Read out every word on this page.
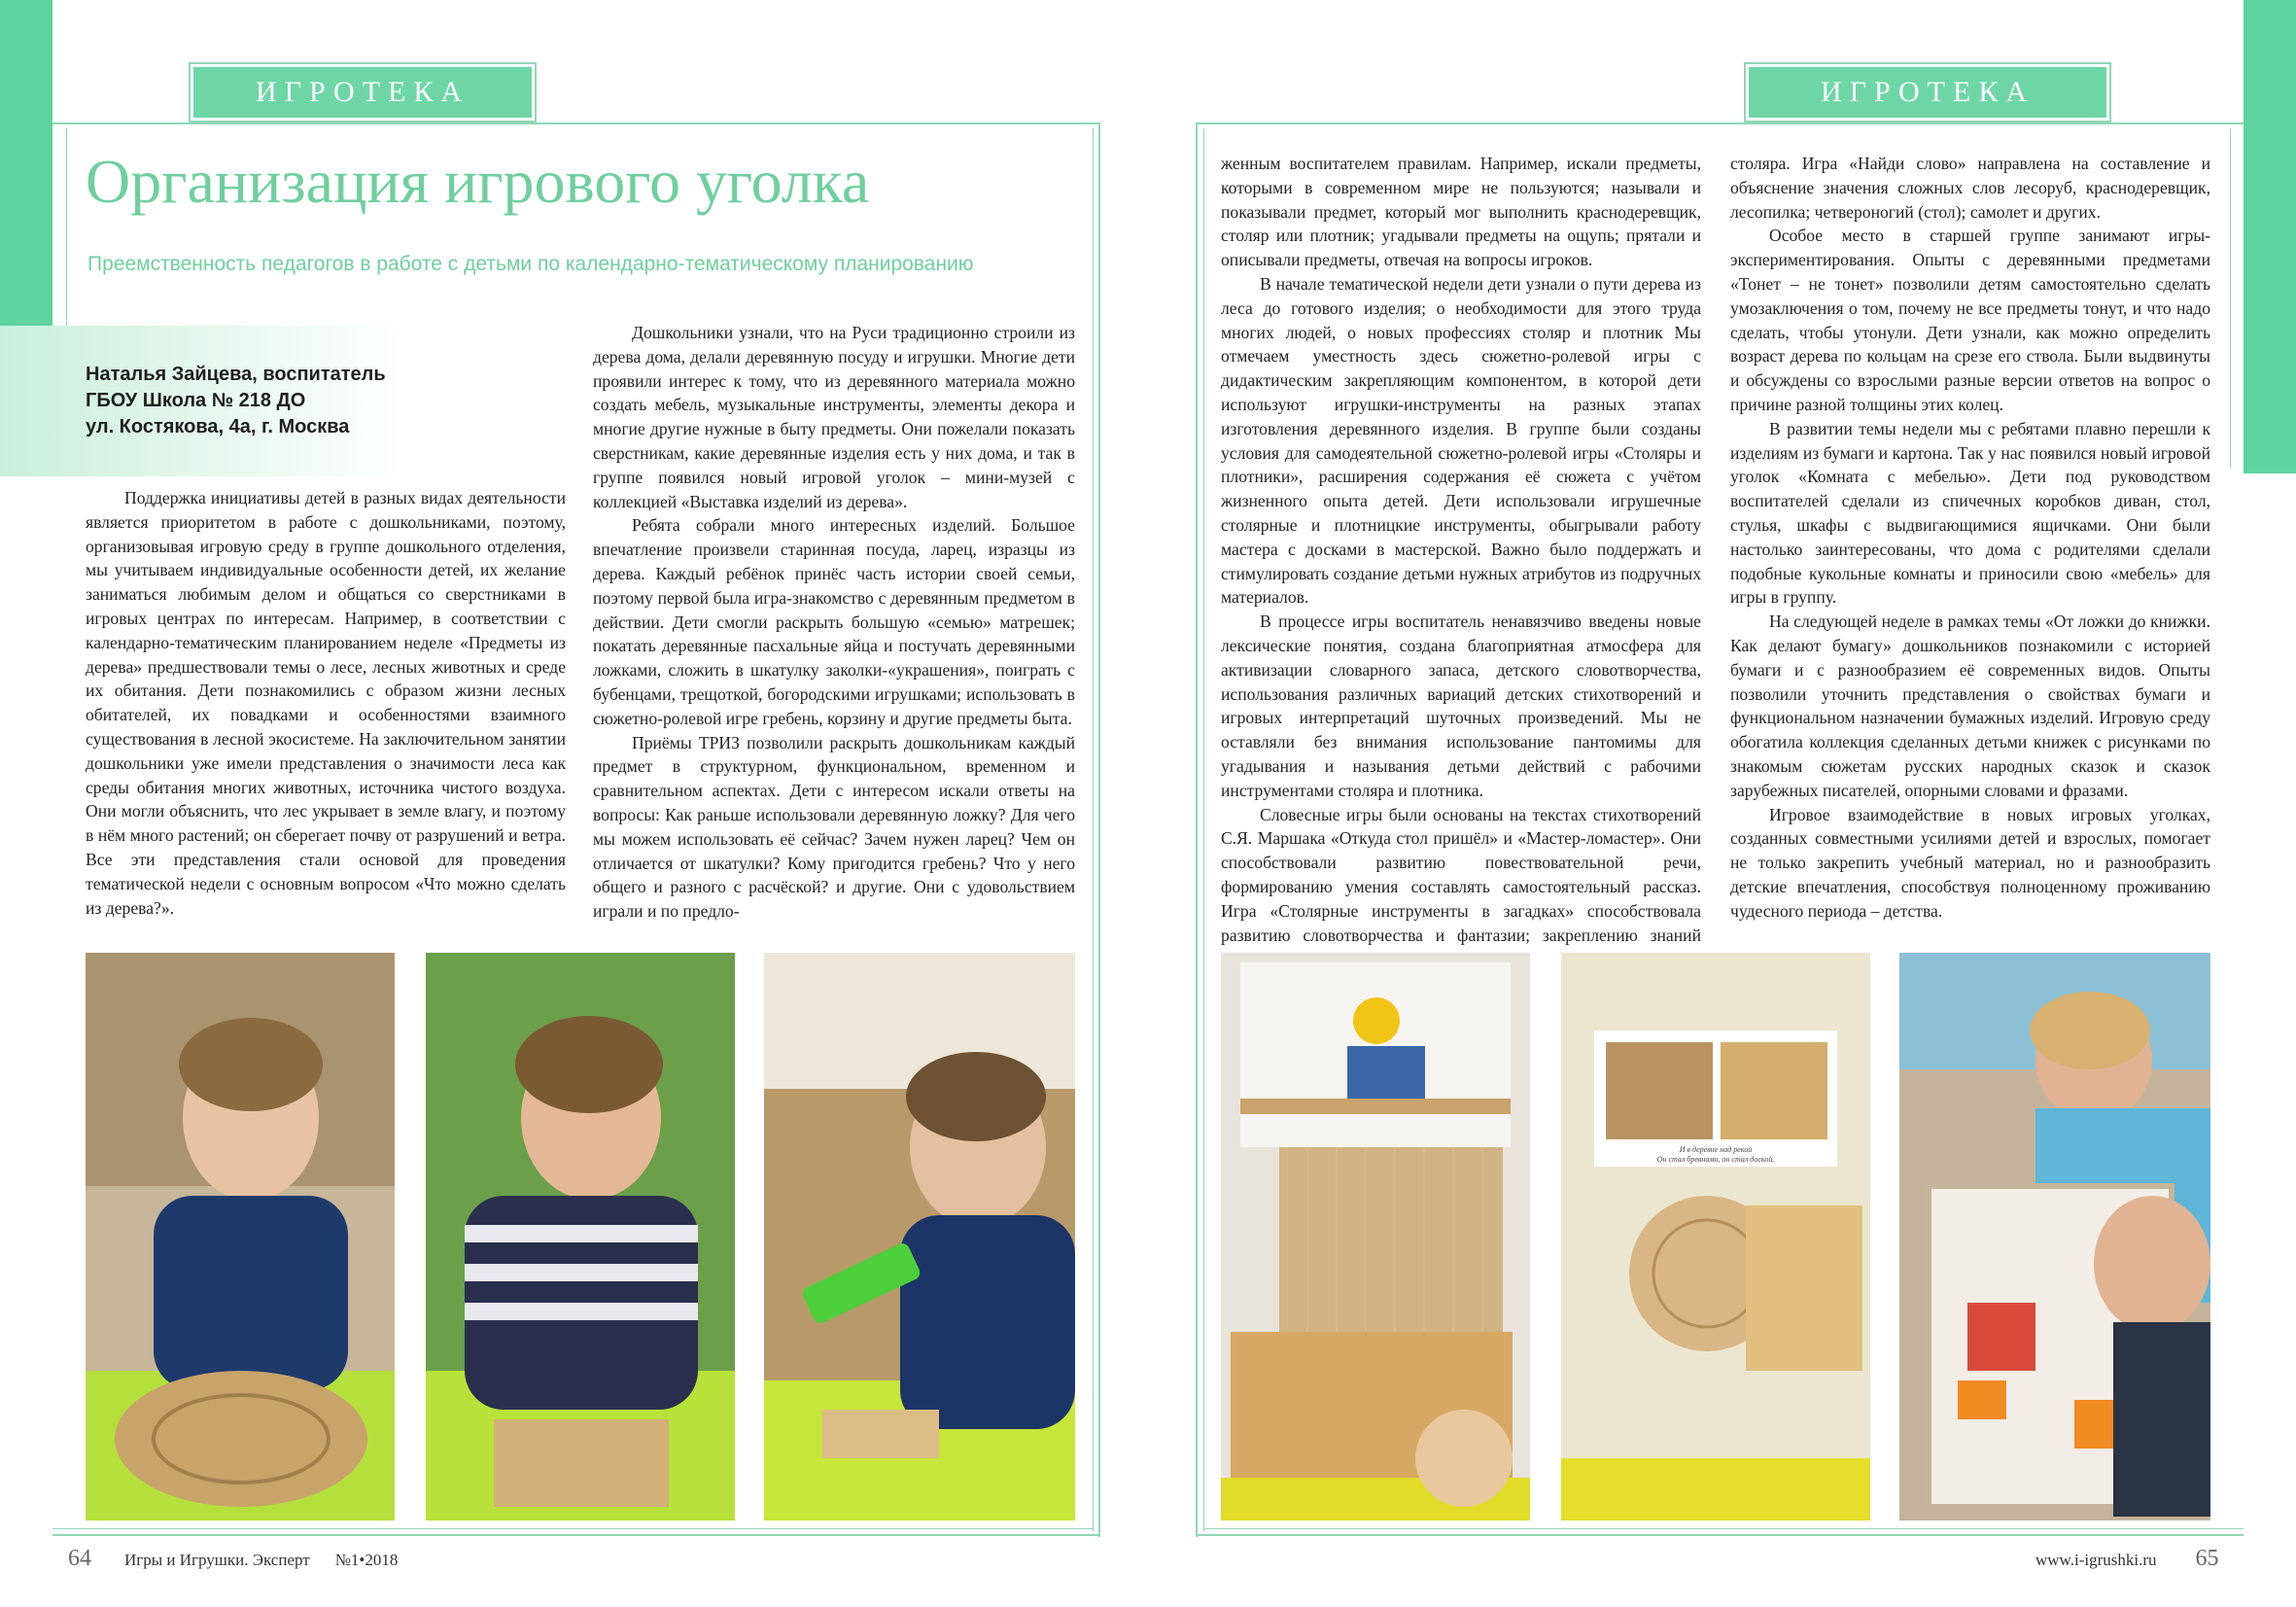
ИГРОТЕКА	ИГРОТЕКА
Организация игрового уголка
Преемственность педагогов в работе с детьми по календарно-тематическому планированию
Наталья Зайцева, воспитатель
ГБОУ Школа № 218 ДО
ул. Костякова, 4а, г. Москва

Поддержка инициативы детей в разных видах деятельности является приоритетом в работе с дошкольниками, поэтому, организовывая игровую среду в группе дошкольного отделения, мы учитываем индивидуальные особенности детей, их желание заниматься любимым делом и общаться со сверстниками в игровых центрах по интересам. Например, в соответствии с календарно-тематическим планированием неделе «Предметы из дерева» предшествовали темы о лесе, лесных животных и среде их обитания. Дети познакомились с образом жизни лесных обитателей, их повадками и особенностями взаимного существования в лесной экосистеме. На заключительном занятии дошкольники уже имели представления о значимости леса как среды обитания многих животных, источника чистого воздуха. Они могли объяснить, что лес укрывает в земле влагу, и поэтому в нём много растений; он сберегает почву от разрушений и ветра. Все эти представления стали основой для проведения тематической недели с основным вопросом «Что можно сделать из дерева?».

Дошкольники узнали, что на Руси традиционно строили из дерева дома, делали деревянную посуду и игрушки. Многие дети проявили интерес к тому, что из деревянного материала можно создать мебель, музыкальные инструменты, элементы декора и многие другие нужные в быту предметы. Они пожелали показать сверстникам, какие деревянные изделия есть у них дома, и так в группе появился новый игровой уголок – мини-музей с коллекцией «Выставка изделий из дерева».

Ребята собрали много интересных изделий. Большое впечатление произвели старинная посуда, ларец, изразцы из дерева. Каждый ребёнок принёс часть истории своей семьи, поэтому первой была игра-знакомство с деревянным предметом в действии. Дети смогли раскрыть большую «семью» матрешек; покатать деревянные пасхальные яйца и постучать деревянными ложками, сложить в шкатулку заколки-«украшения», поиграть с бубенцами, трещоткой, богородскими игрушками; использовать в сюжетно-ролевой игре гребень, корзину и другие предметы быта.

Приёмы ТРИЗ позволили раскрыть дошкольникам каждый предмет в структурном, функциональном, временном и сравнительном аспектах. Дети с интересом искали ответы на вопросы: Как раньше использовали деревянную ложку? Для чего мы можем использовать её сейчас? Зачем нужен ларец? Чем он отличается от шкатулки? Кому пригодится гребень? Что у него общего и разного с расчёской? и другие. Они с удовольствием играли и по предло-

женным воспитателем правилам. Например, искали предметы, которыми в современном мире не пользуются; называли и показывали предмет, который мог выполнить краснодеревщик, столяр или плотник; угадывали предметы на ощупь; прятали и описывали предметы, отвечая на вопросы игроков.

В начале тематической недели дети узнали о пути дерева из леса до готового изделия; о необходимости для этого труда многих людей, о новых профессиях столяр и плотник Мы отмечаем уместность здесь сюжетно-ролевой игры с дидактическим закрепляющим компонентом, в которой дети используют игрушки-инструменты на разных этапах изготовления деревянного изделия. В группе были созданы условия для самодеятельной сюжетно-ролевой игры «Столяры и плотники», расширения содержания её сюжета с учётом жизненного опыта детей. Дети использовали игрушечные столярные и плотницкие инструменты, обыгрывали работу мастера с досками в мастерской. Важно было поддержать и стимулировать создание детьми нужных атрибутов из подручных материалов.

В процессе игры воспитатель ненавязчиво введены новые лексические понятия, создана благоприятная атмосфера для активизации словарного запаса, детского словотворчества, использования различных вариаций детских стихотворений и игровых интерпретаций шуточных произведений. Мы не оставляли без внимания использование пантомимы для угадывания и называния детьми действий с рабочими инструментами столяра и плотника.

Словесные игры были основаны на текстах стихотворений С.Я. Маршака «Откуда стол пришёл» и «Мастер-ломастер». Они способствовали развитию повествовательной речи, формированию умения составлять самостоятельный рассказ. Игра «Столярные инструменты в загадках» способствовала развитию словотворчества и фантазии; закреплению знаний

столяра. Игра «Найди слово» направлена на составление и объяснение значения сложных слов лесоруб, краснодеревщик, лесопилка; четвероногий (стол); самолет и других.

Особое место в старшей группе занимают игры-экспериментирования. Опыты с деревянными предметами «Тонет – не тонет» позволили детям самостоятельно сделать умозаключения о том, почему не все предметы тонут, и что надо сделать, чтобы утонули. Дети узнали, как можно определить возраст дерева по кольцам на срезе его ствола. Были выдвинуты и обсуждены со взрослыми разные версии ответов на вопрос о причине разной толщины этих колец.

В развитии темы недели мы с ребятами плавно перешли к изделиям из бумаги и картона. Так у нас появился новый игровой уголок «Комната с мебелью». Дети под руководством воспитателей сделали из спичечных коробков диван, стол, стулья, шкафы с выдвигающимися ящичками. Они были настолько заинтересованы, что дома с родителями сделали подобные кукольные комнаты и приносили свою «мебель» для игры в группу.

На следующей неделе в рамках темы «От ложки до книжки. Как делают бумагу» дошкольников познакомили с историей бумаги и с разнообразием её современных видов. Опыты позволили уточнить представления о свойствах бумаги и функциональном назначении бумажных изделий. Игровую среду обогатила коллекция сделанных детьми книжек с рисунками по знакомым сюжетам русских народных сказок и сказок зарубежных писателей, опорными словами и фразами.

Игровое взаимодействие в новых игровых уголках, созданных совместными усилиями детей и взрослых, помогает не только закрепить учебный материал, но и разнообразить детские впечатления, способствуя полноценному проживанию чудесного периода – детства.

И в деревне над рекой
Он стал бревнами, он стал доской.
64 Игры и Игрушки. Эксперт №1•2018	www.i-igrushki.ru 65
